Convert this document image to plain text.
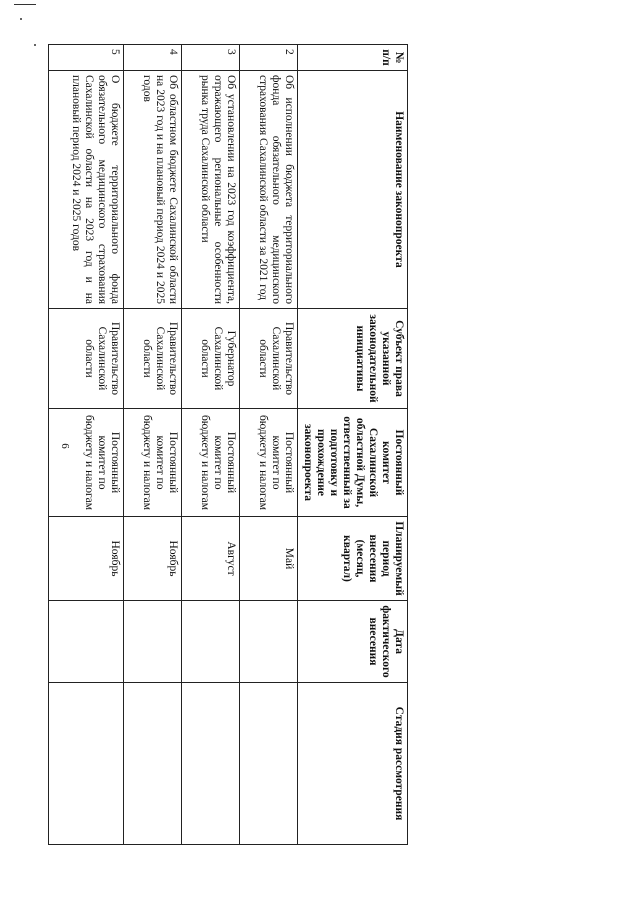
6
№ п/п	Наименование законопроекта	Субъект права указанной законодательной инициативы	Постоянный комитет Сахалинской областной Думы, ответственный за подготовку и прохождение законопроекта	Планируемый период внесения (месяц, квартал)	Дата фактического внесения	Стадия рассмотрения
2	Об исполнении бюджета территориального фонда обязательного медицинского страхования Сахалинской области за 2021 год	Правительство Сахалинской области	Постоянный комитет по бюджету и налогам	Май		
3	Об установлении на 2023 год коэффициента, отражающего региональные особенности рынка труда Сахалинской области	Губернатор Сахалинской области	Постоянный комитет по бюджету и налогам	Август		
4	Об областном бюджете Сахалинской области на 2023 год и на плановый период 2024 и 2025 годов	Правительство Сахалинской области	Постоянный комитет по бюджету и налогам	Ноябрь		
5	О бюджете территориального фонда обязательного медицинского страхования Сахалинской области на 2023 год и на плановый период 2024 и 2025 годов	Правительство Сахалинской области	Постоянный комитет по бюджету и налогам	Ноябрь		
